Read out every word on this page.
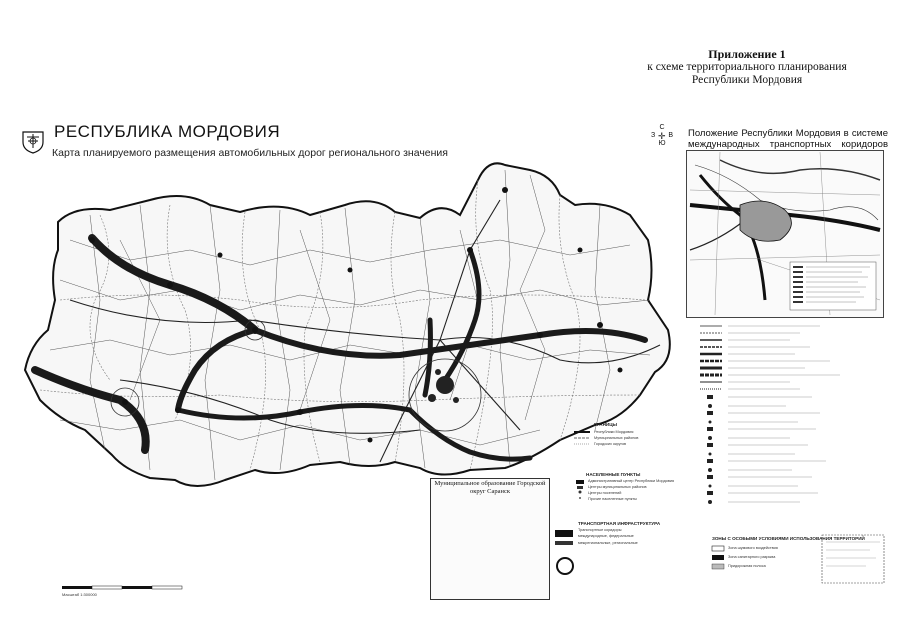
Приложение 1
к схеме территориального планирования
Республики Мордовия
РЕСПУБЛИКА МОРДОВИЯ
Карта планируемого размещения автомобильных дорог регионального значения
С
З ✛ В
Ю
Положение Республики Мордовия в системе международных транспортных коридоров
Муниципальное образование Городской округ Саранск
ГРАНИЦЫ
Республики Мордовия
Муниципальных районов
Городских округов
НАСЕЛЕННЫЕ ПУНКТЫ
Административный центр Республики Мордовия
Центры муниципальных районов
Центры поселений
Прочие населенные пункты
ТРАНСПОРТНАЯ ИНФРАСТРУКТУРА
Транспортные коридоры
международные, федеральные
межрегиональные, региональные
ЗОНЫ С ОСОБЫМИ УСЛОВИЯМИ ИСПОЛЬЗОВАНИЯ ТЕРРИТОРИЙ
Зона шумового воздействия
Зона санитарного разрыва
Придорожная полоса
Масштаб 1:300000
